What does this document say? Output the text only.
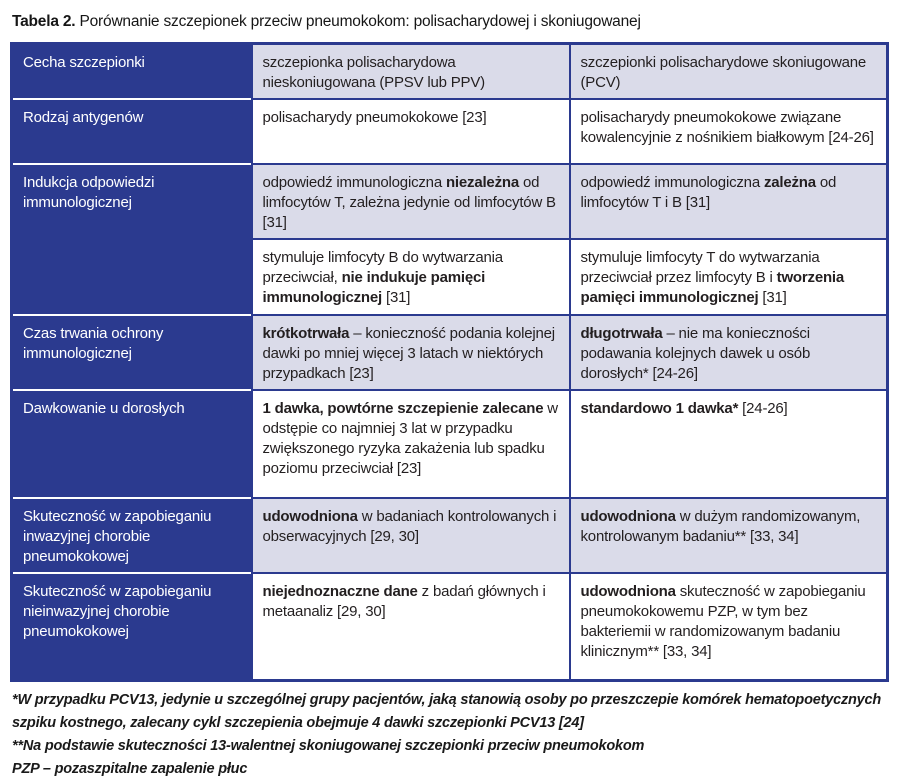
Tabela 2. Porównanie szczepionek przeciw pneumokokom: polisacharydowej i skoniugowanej
Cecha szczepionki	szczepionka polisacharydowa nieskoniugowana (PPSV lub PPV)	szczepionki polisacharydowe skoniugowane (PCV)
Rodzaj antygenów	polisacharydy pneumokokowe [23]	polisacharydy pneumokokowe związane kowalencyjnie z nośnikiem białkowym [24-26]
Indukcja odpowiedzi immunologicznej	odpowiedź immunologiczna niezależna od limfocytów T, zależna jedynie od limfocytów B [31]	odpowiedź immunologiczna zależna od limfocytów T i B [31]
	stymuluje limfocyty B do wytwarzania przeciwciał, nie indukuje pamięci immunologicznej [31]	stymuluje limfocyty T do wytwarzania przeciwciał przez limfocyty B i tworzenia pamięci immunologicznej [31]
Czas trwania ochrony immunologicznej	krótkotrwała – konieczność podania kolejnej dawki po mniej więcej 3 latach w niektórych przypadkach [23]	długotrwała – nie ma konieczności podawania kolejnych dawek u osób dorosłych* [24-26]
Dawkowanie u dorosłych	1 dawka, powtórne szczepienie zalecane w odstępie co najmniej 3 lat w przypadku zwiększonego ryzyka zakażenia lub spadku poziomu przeciwciał [23]	standardowo 1 dawka* [24-26]
Skuteczność w zapobieganiu inwazyjnej chorobie pneumokokowej	udowodniona w badaniach kontrolowanych i obserwacyjnych [29, 30]	udowodniona w dużym randomizowanym, kontrolowanym badaniu** [33, 34]
Skuteczność w zapobieganiu nieinwazyjnej chorobie pneumokokowej	niejednoznaczne dane z badań głównych i metaanaliz [29, 30]	udowodniona skuteczność w zapobieganiu pneumokokowemu PZP, w tym bez bakteriemii w randomizowanym badaniu klinicznym** [33, 34]
*W przypadku PCV13, jedynie u szczególnej grupy pacjentów, jaką stanowią osoby po przeszczepie komórek hematopoetycznych szpiku kostnego, zalecany cykl szczepienia obejmuje 4 dawki szczepionki PCV13 [24]
**Na podstawie skuteczności 13-walentnej skoniugowanej szczepionki przeciw pneumokokom
PZP – pozaszpitalne zapalenie płuc
